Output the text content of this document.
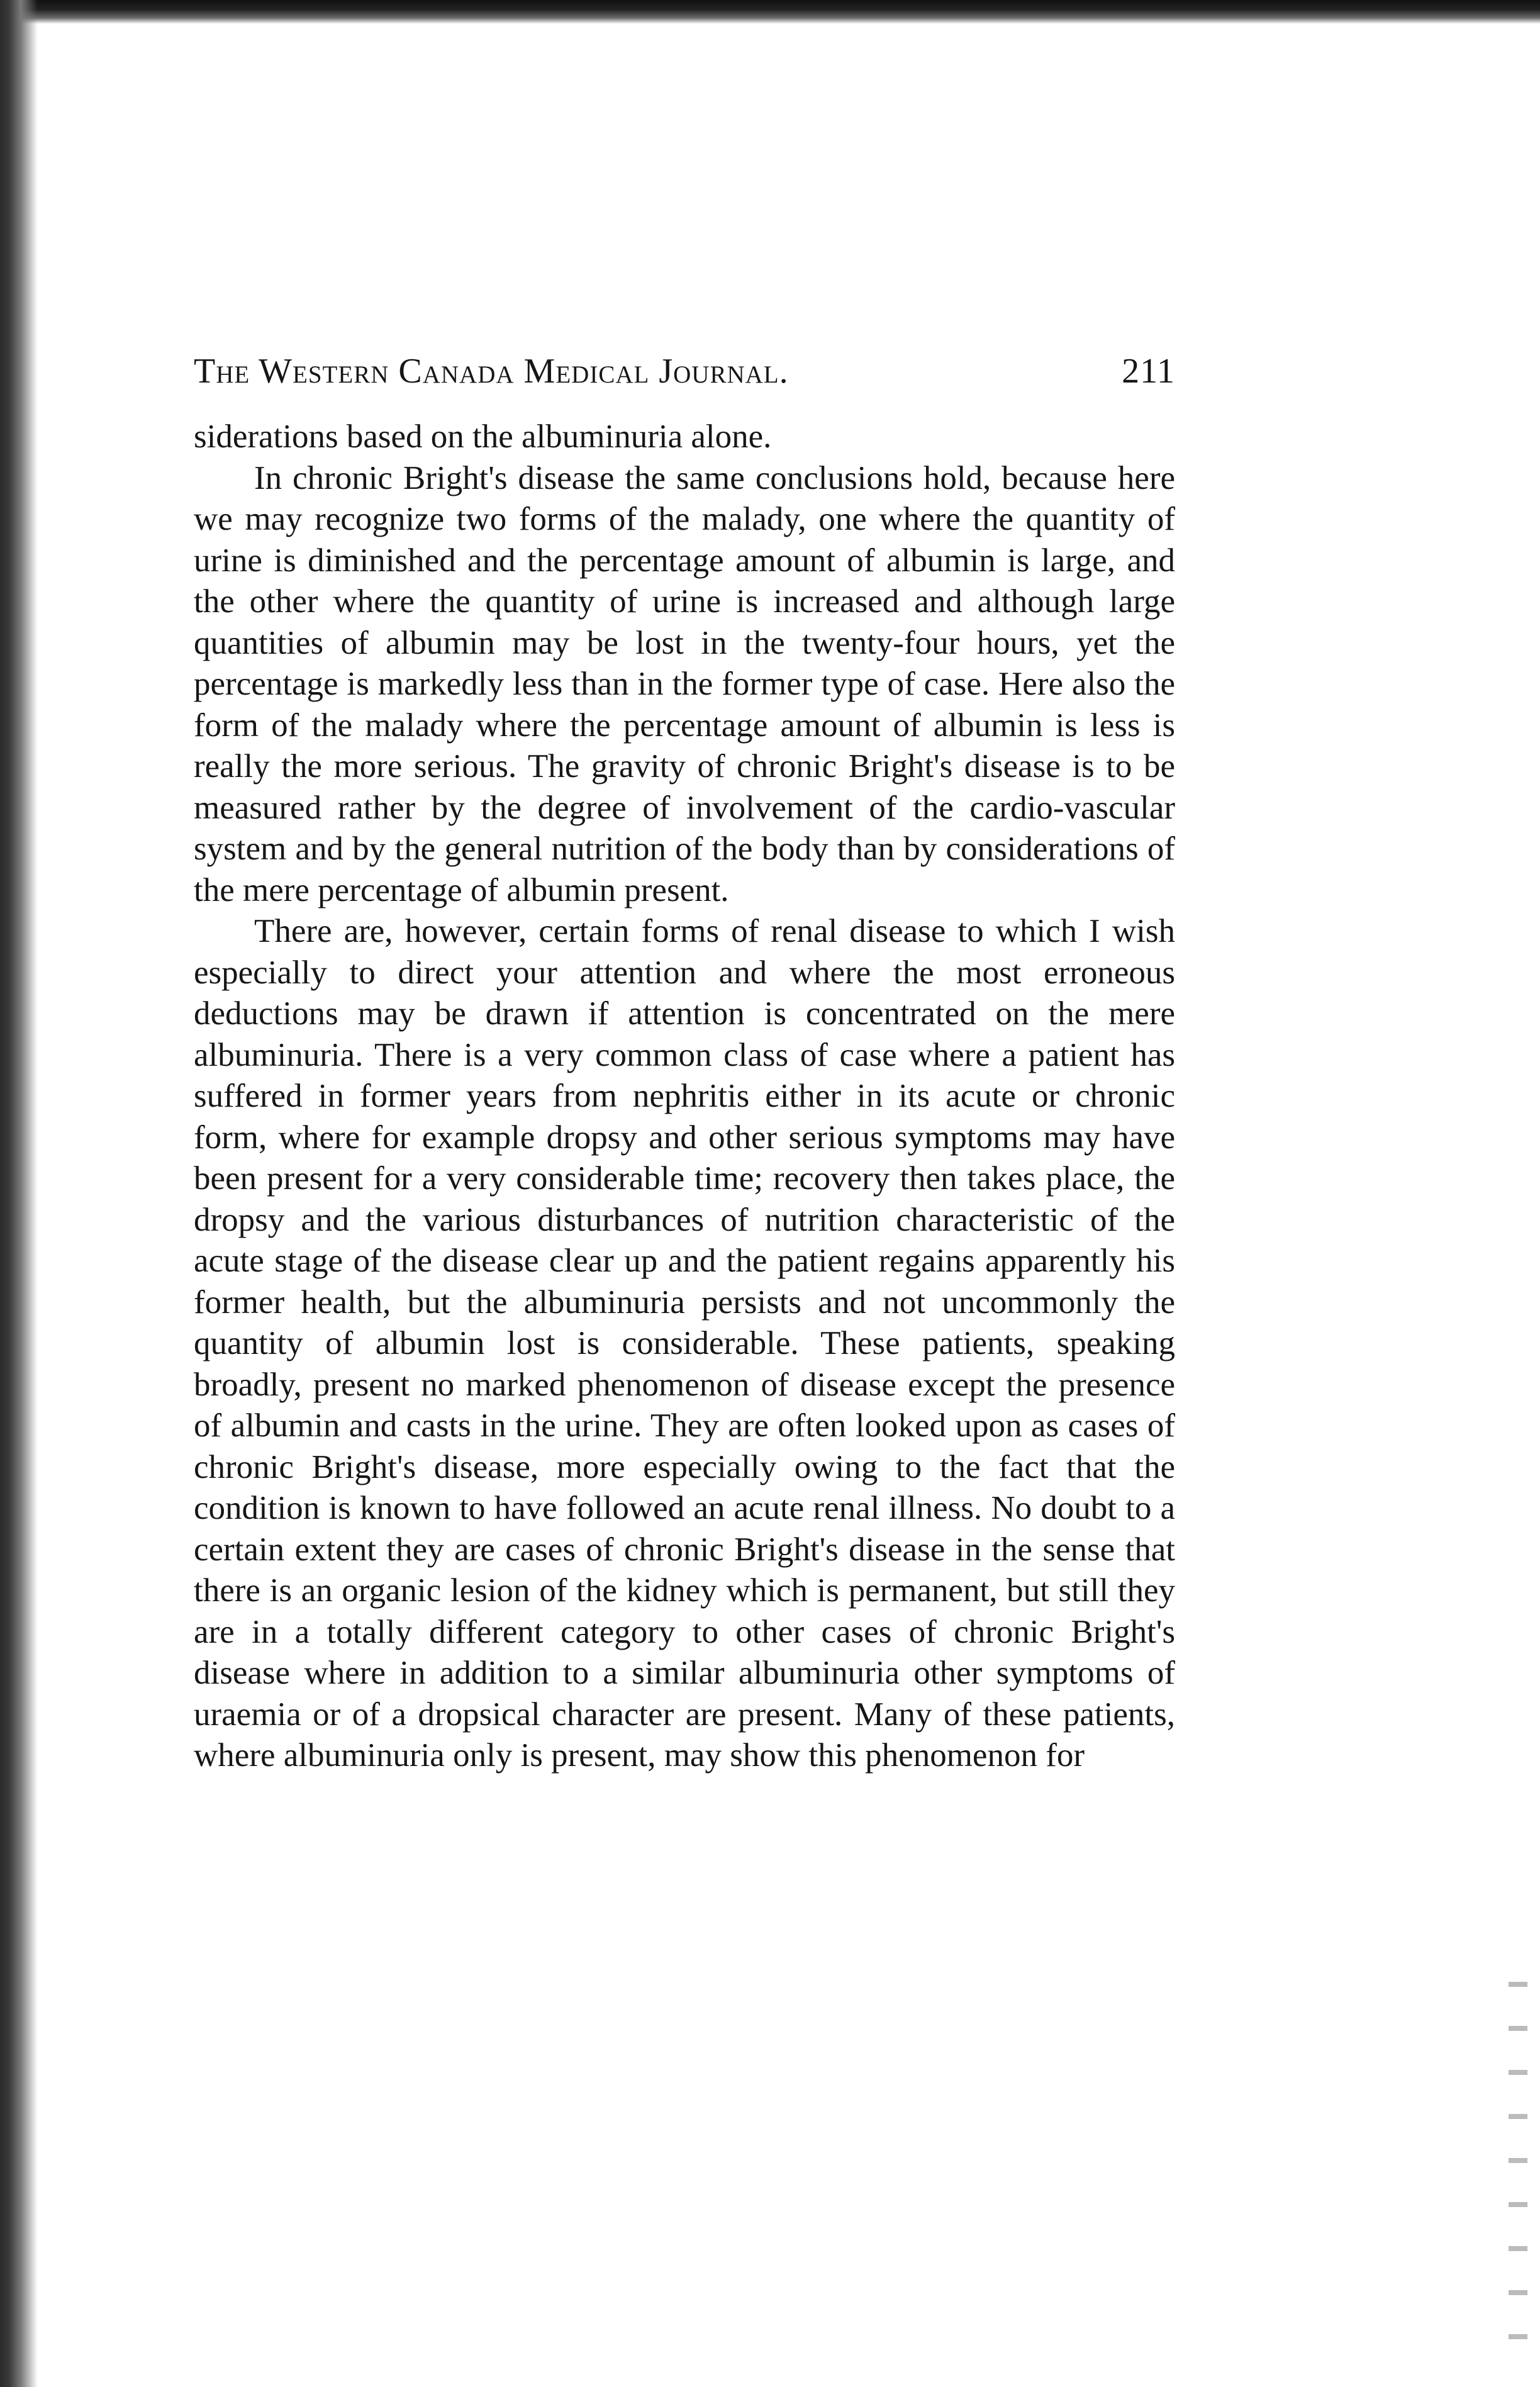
The Western Canada Medical Journal.	211

siderations based on the albuminuria alone.

In chronic Bright's disease the same conclusions hold, because here we may recognize two forms of the malady, one where the quantity of urine is diminished and the percentage amount of albumin is large, and the other where the quantity of urine is increased and although large quantities of albumin may be lost in the twenty-four hours, yet the percentage is markedly less than in the former type of case. Here also the form of the malady where the percentage amount of albumin is less is really the more serious. The gravity of chronic Bright's disease is to be measured rather by the degree of involvement of the cardio-vascular system and by the general nutrition of the body than by considerations of the mere percentage of albumin present.

There are, however, certain forms of renal disease to which I wish especially to direct your attention and where the most erroneous deductions may be drawn if attention is concentrated on the mere albuminuria. There is a very common class of case where a patient has suffered in former years from nephritis either in its acute or chronic form, where for example dropsy and other serious symptoms may have been present for a very considerable time; recovery then takes place, the dropsy and the various disturbances of nutrition characteristic of the acute stage of the disease clear up and the patient regains apparently his former health, but the albuminuria persists and not uncommonly the quantity of albumin lost is considerable. These patients, speaking broadly, present no marked phenomenon of disease except the presence of albumin and casts in the urine. They are often looked upon as cases of chronic Bright's disease, more especially owing to the fact that the condition is known to have followed an acute renal illness. No doubt to a certain extent they are cases of chronic Bright's disease in the sense that there is an organic lesion of the kidney which is permanent, but still they are in a totally different category to other cases of chronic Bright's disease where in addition to a similar albuminuria other symptoms of uraemia or of a dropsical character are present. Many of these patients, where albuminuria only is present, may show this phenomenon for
